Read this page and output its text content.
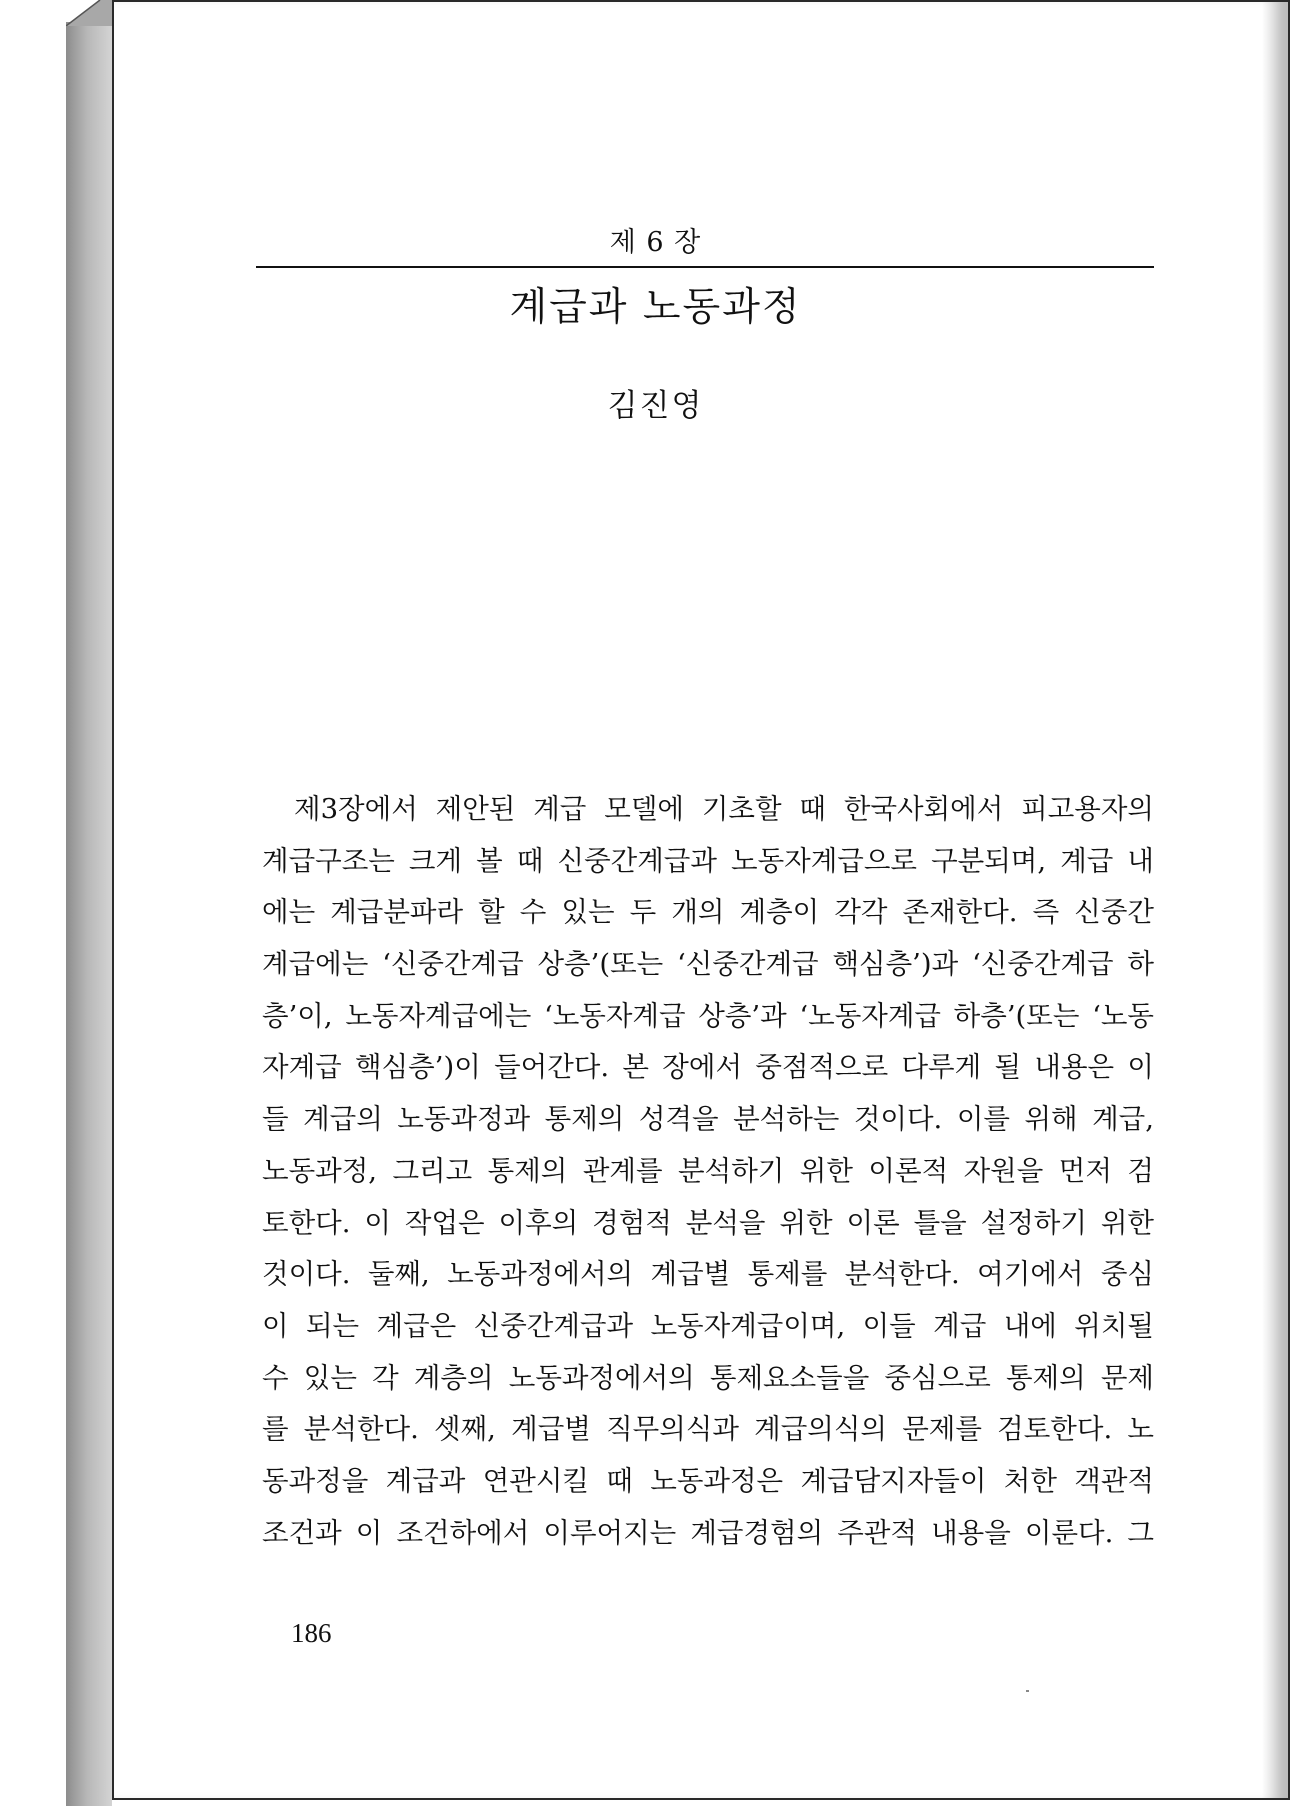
제 6 장
계급과 노동과정
김진영
제3장에서 제안된 계급 모델에 기초할 때 한국사회에서 피고용자의
계급구조는 크게 볼 때 신중간계급과 노동자계급으로 구분되며, 계급 내
에는 계급분파라 할 수 있는 두 개의 계층이 각각 존재한다. 즉 신중간
계급에는 ‘신중간계급 상층’(또는 ‘신중간계급 핵심층’)과 ‘신중간계급 하
층’이, 노동자계급에는 ‘노동자계급 상층’과 ‘노동자계급 하층’(또는 ‘노동
자계급 핵심층’)이 들어간다. 본 장에서 중점적으로 다루게 될 내용은 이
들 계급의 노동과정과 통제의 성격을 분석하는 것이다. 이를 위해 계급,
노동과정, 그리고 통제의 관계를 분석하기 위한 이론적 자원을 먼저 검
토한다. 이 작업은 이후의 경험적 분석을 위한 이론 틀을 설정하기 위한
것이다. 둘째, 노동과정에서의 계급별 통제를 분석한다. 여기에서 중심
이 되는 계급은 신중간계급과 노동자계급이며, 이들 계급 내에 위치될
수 있는 각 계층의 노동과정에서의 통제요소들을 중심으로 통제의 문제
를 분석한다. 셋째, 계급별 직무의식과 계급의식의 문제를 검토한다. 노
동과정을 계급과 연관시킬 때 노동과정은 계급담지자들이 처한 객관적
조건과 이 조건하에서 이루어지는 계급경험의 주관적 내용을 이룬다. 그
186
